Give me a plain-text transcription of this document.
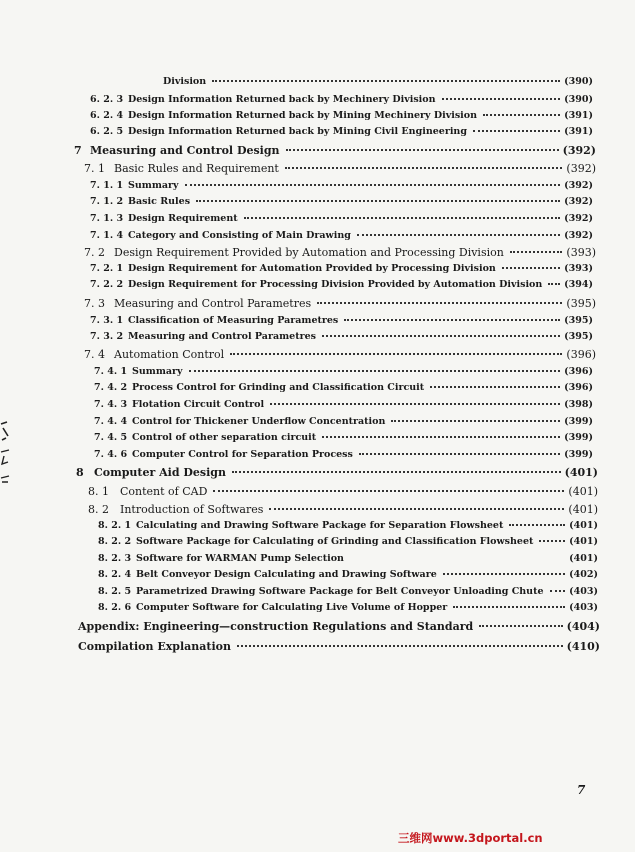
Division	(390)
6. 2. 3 Design Information Returned back by Mechinery Division	(390)
6. 2. 4 Design Information Returned back by Mining Mechinery Division	(391)
6. 2. 5 Design Information Returned back by Mining Civil Engineering	(391)
7 Measuring and Control Design	(392)
7. 1 Basic Rules and Requirement	(392)
7. 1. 1 Summary	(392)
7. 1. 2 Basic Rules	(392)
7. 1. 3 Design Requirement	(392)
7. 1. 4 Category and Consisting of Main Drawing	(392)
7. 2 Design Requirement Provided by Automation and Processing Division	(393)
7. 2. 1 Design Requirement for Automation Provided by Processing Division	(393)
7. 2. 2 Design Requirement for Processing Division Provided by Automation Division (394)
7. 3 Measuring and Control Parametres	(395)
7. 3. 1 Classification of Measuring Parametres	(395)
7. 3. 2 Measuring and Control Parametres	(395)
7. 4 Automation Control	(396)
7. 4. 1 Summary	(396)
7. 4. 2 Process Control for Grinding and Classification Circuit	(396)
7. 4. 3 Flotation Circuit Control	(398)
7. 4. 4 Control for Thickener Underflow Concentration	(399)
7. 4. 5 Control of other separation circuit	(399)
7. 4. 6 Computer Control for Separation Process	(399)
8 Computer Aid Design	(401)
8. 1	Content of CAD	(401)
8. 2	Introduction of Softwares	(401)
8. 2. 1 Calculating and Drawing Software Package for Separation Flowsheet	(401)
8. 2. 2 Software Package for Calculating of Grinding and Classification Flowsheet	(401)
8. 2. 3 Software for WARMAN Pump Selection	(401)
8. 2. 4 Belt Conveyor Design Calculating and Drawing Software	(402)
8. 2. 5 Parametrized Drawing Software Package for Belt Conveyor Unloading Chute	(403)
8. 2. 6 Computer Software for Calculating Live Volume of Hopper	(403)
Appendix: Engineering—construction Regulations and Standard	(404)
Compilation Explanation	(410)
7
三维网www.3dportal.cn
